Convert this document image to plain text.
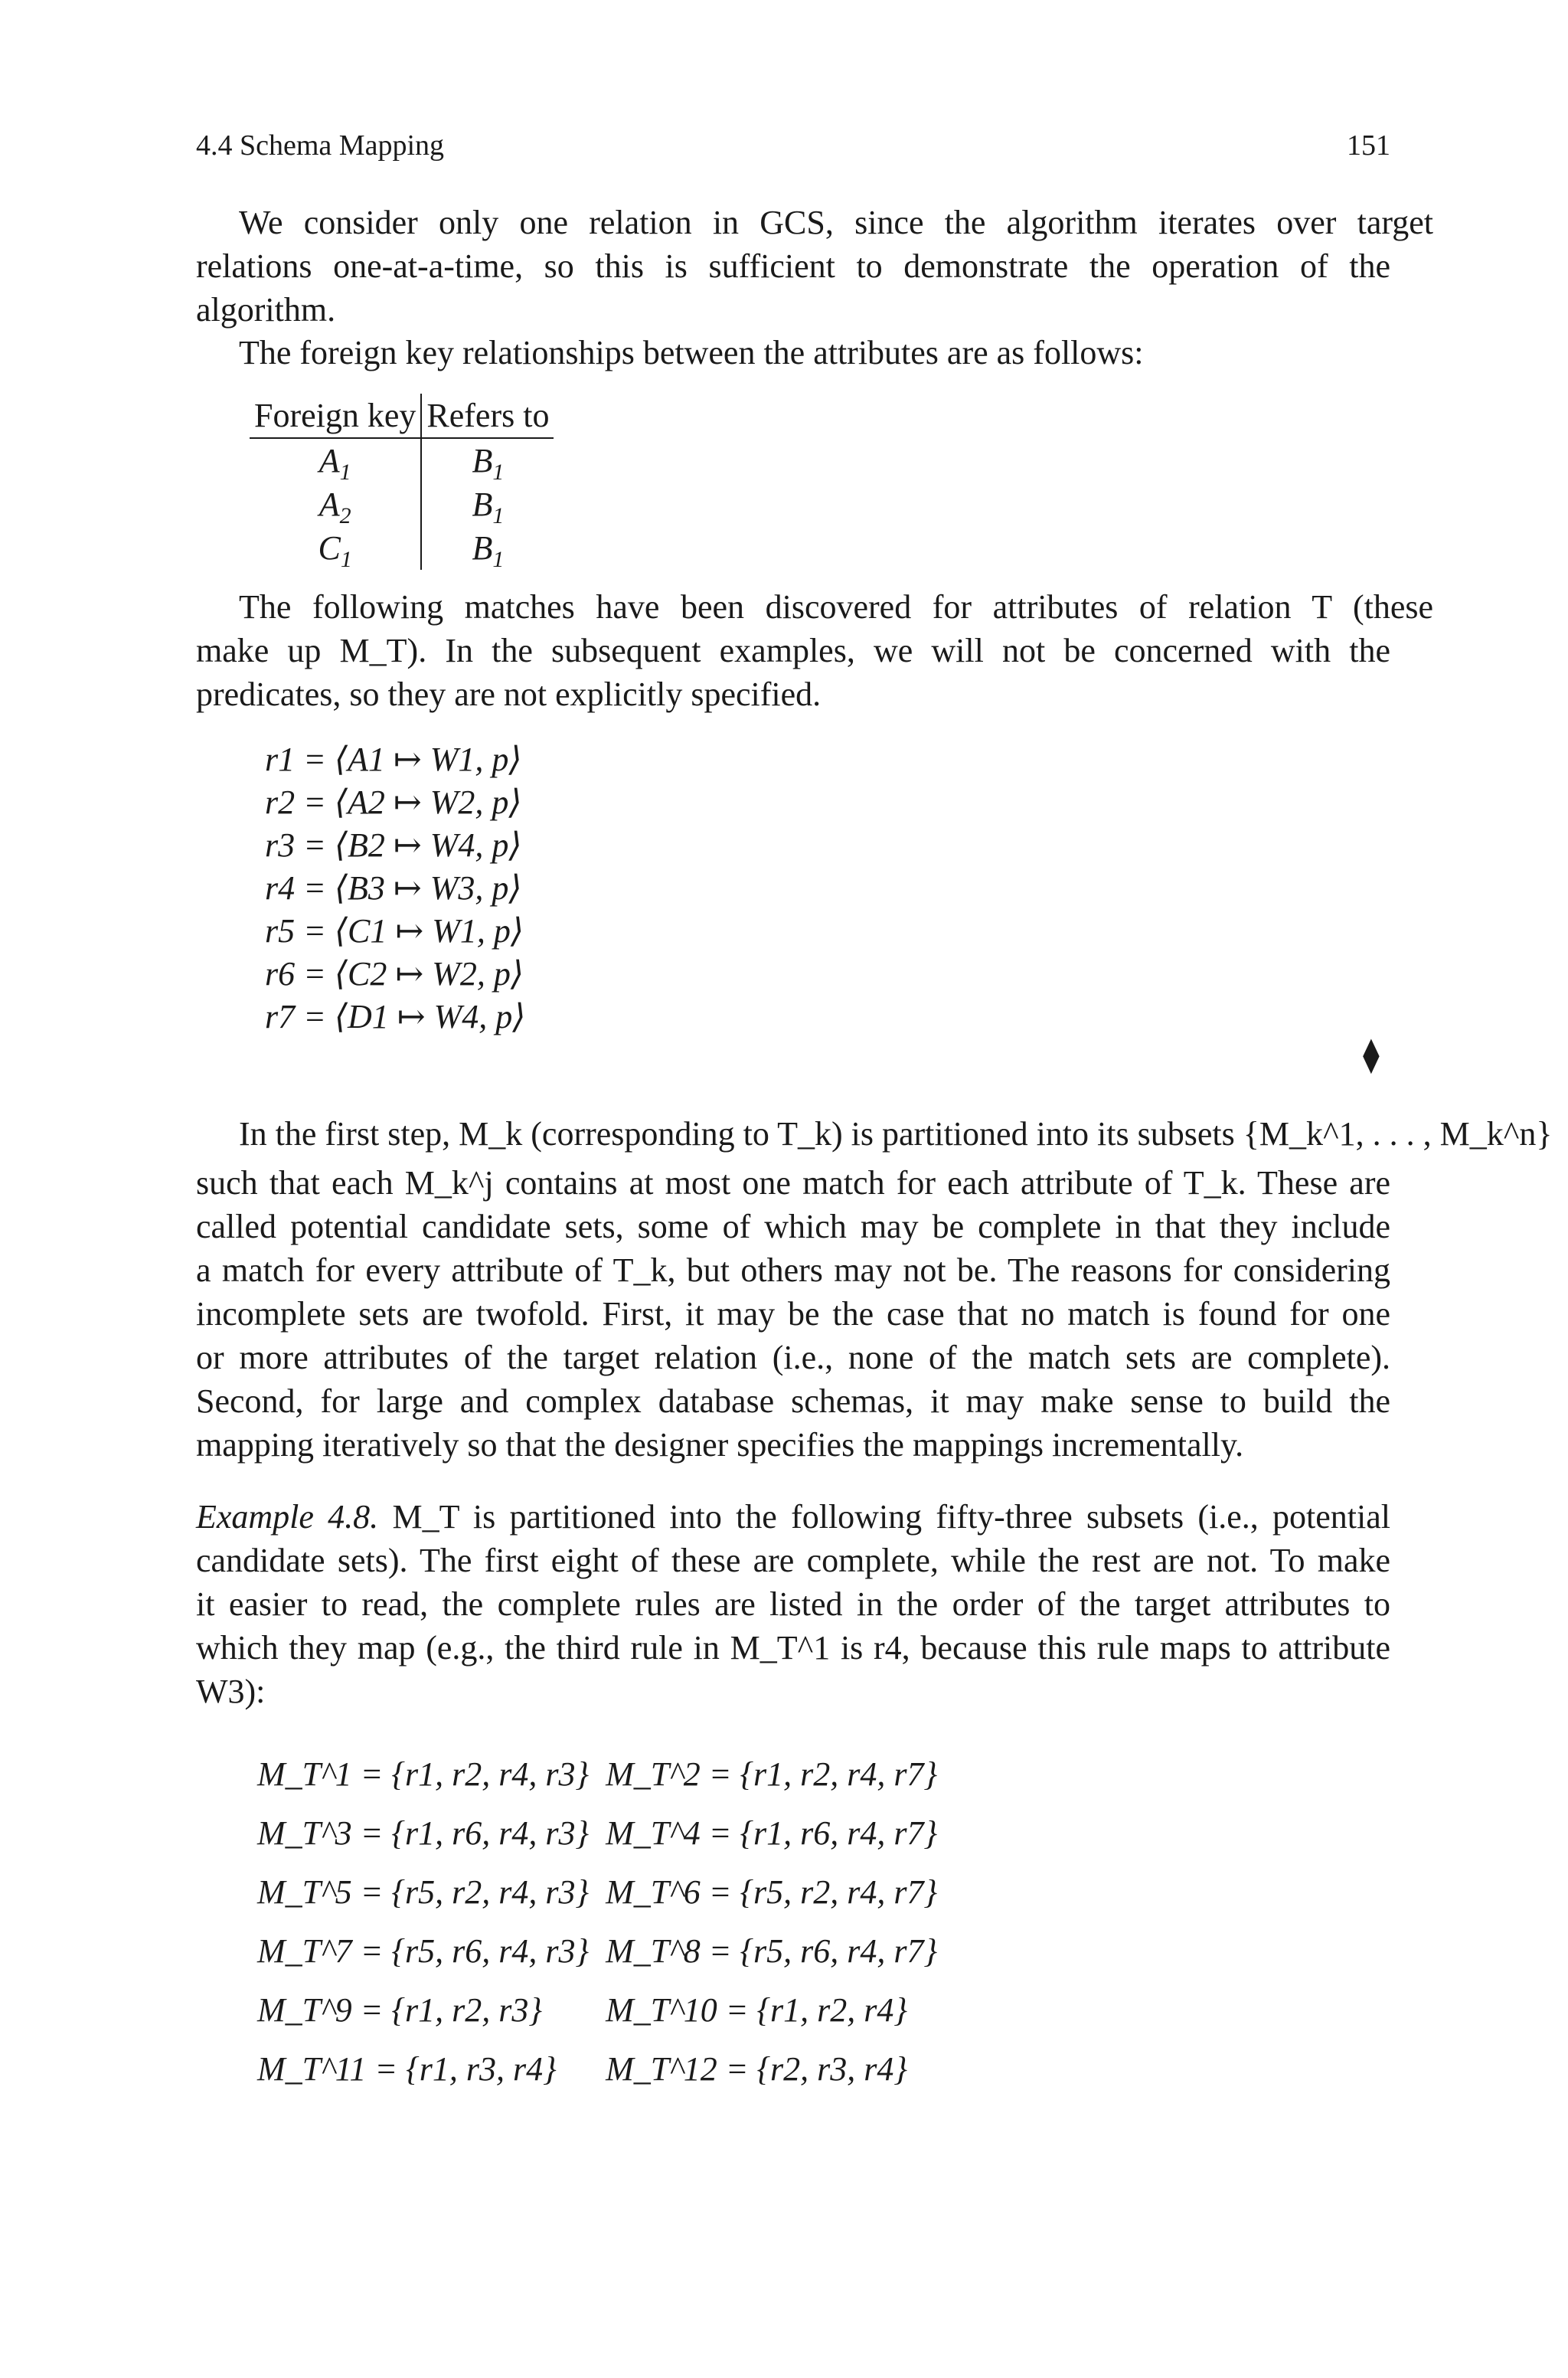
4.4 Schema Mapping	151
We consider only one relation in GCS, since the algorithm iterates over target
relations one-at-a-time, so this is sufficient to demonstrate the operation of the
algorithm.
The foreign key relationships between the attributes are as follows:
Foreign key	Refers to
$A_1$	$B_1$
$A_2$	$B_1$
$C_1$	$B_1$
The following matches have been discovered for attributes of relation T (these
make up M_T). In the subsequent examples, we will not be concerned with the
predicates, so they are not explicitly specified.
r1 = ⟨A1 ↦ W1, p⟩
r2 = ⟨A2 ↦ W2, p⟩
r3 = ⟨B2 ↦ W4, p⟩
r4 = ⟨B3 ↦ W3, p⟩
r5 = ⟨C1 ↦ W1, p⟩
r6 = ⟨C2 ↦ W2, p⟩
r7 = ⟨D1 ↦ W4, p⟩
⧫
In the first step, M_k (corresponding to T_k) is partitioned into its subsets {M_k^1, . . . , M_k^n}
such that each M_k^j contains at most one match for each attribute of T_k. These are
called potential candidate sets, some of which may be complete in that they include
a match for every attribute of T_k, but others may not be. The reasons for considering
incomplete sets are twofold. First, it may be the case that no match is found for one
or more attributes of the target relation (i.e., none of the match sets are complete).
Second, for large and complex database schemas, it may make sense to build the
mapping iteratively so that the designer specifies the mappings incrementally.
Example 4.8. M_T is partitioned into the following fifty-three subsets (i.e., potential
candidate sets). The first eight of these are complete, while the rest are not. To make
it easier to read, the complete rules are listed in the order of the target attributes to
which they map (e.g., the third rule in M_T^1 is r4, because this rule maps to attribute
W3):
M_T^1 = {r1, r2, r4, r3}	M_T^2 = {r1, r2, r4, r7}
M_T^3 = {r1, r6, r4, r3}	M_T^4 = {r1, r6, r4, r7}
M_T^5 = {r5, r2, r4, r3}	M_T^6 = {r5, r2, r4, r7}
M_T^7 = {r5, r6, r4, r3}	M_T^8 = {r5, r6, r4, r7}
M_T^9 = {r1, r2, r3}	M_T^10 = {r1, r2, r4}
M_T^11 = {r1, r3, r4}	M_T^12 = {r2, r3, r4}
